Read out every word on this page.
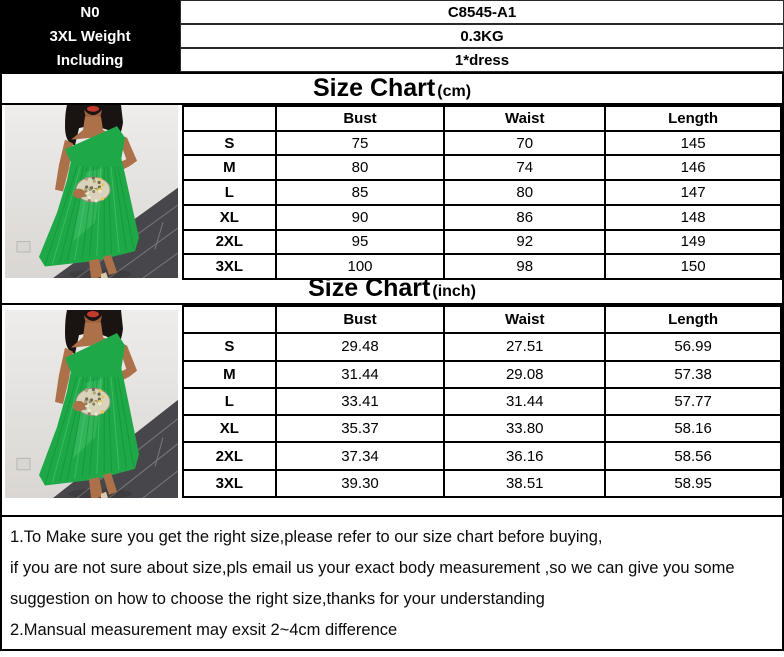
N0	C8545-A1
3XL Weight	0.3KG
Including	1*dress
Size Chart (cm)
	Bust	Waist	Length
S	75	70	145
M	80	74	146
L	85	80	147
XL	90	86	148
2XL	95	92	149
3XL	100	98	150
Size Chart (inch)
	Bust	Waist	Length
S	29.48	27.51	56.99
M	31.44	29.08	57.38
L	33.41	31.44	57.77
XL	35.37	33.80	58.16
2XL	37.34	36.16	58.56
3XL	39.30	38.51	58.95
1.To Make sure you get the right size,please refer to our size chart before buying,
if you are not sure about size,pls email us your exact body measurement ,so we can give you some
suggestion on how to choose the right size,thanks for your understanding
2.Mansual measurement may exsit 2~4cm difference
